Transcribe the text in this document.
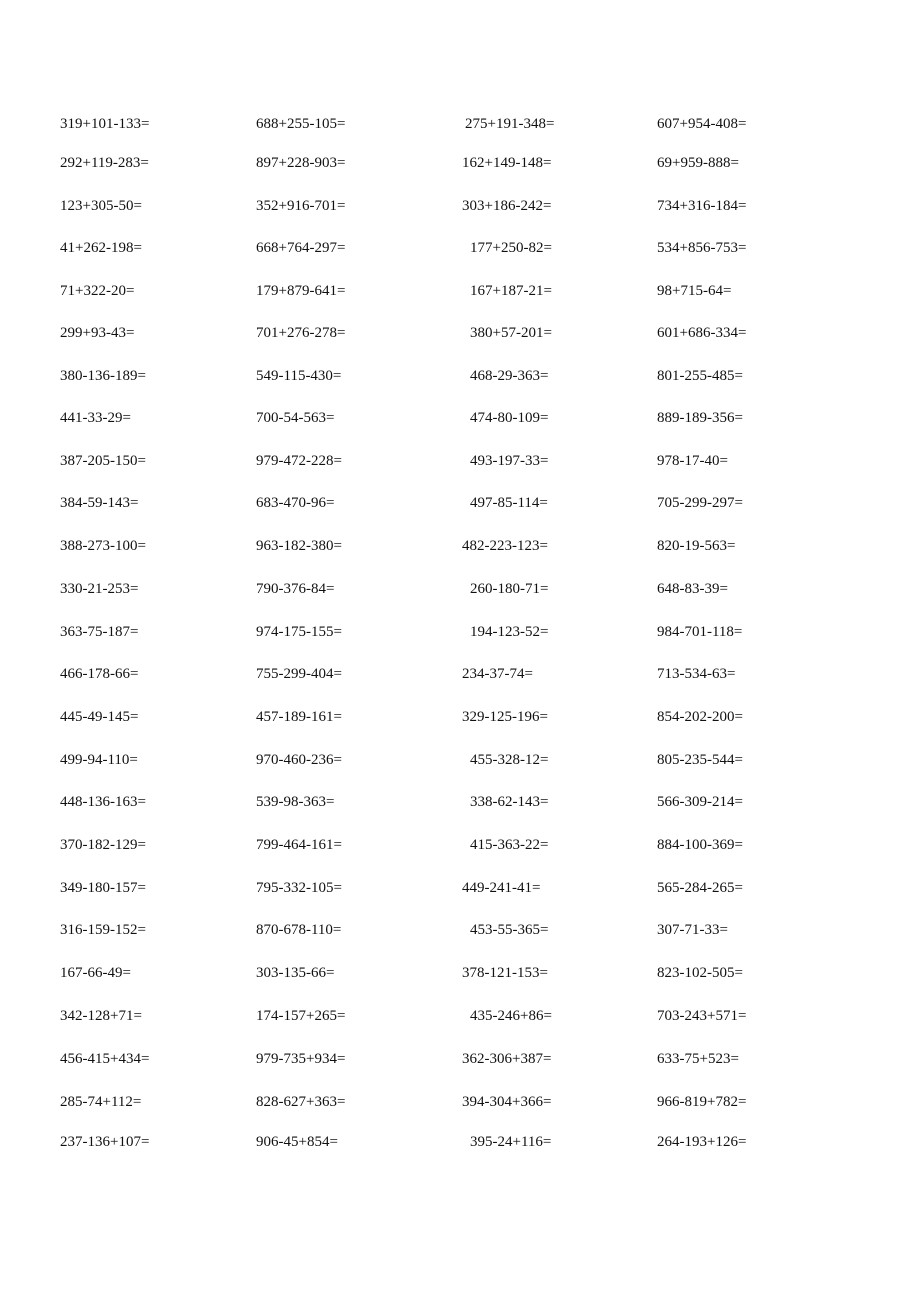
319+101-133=	688+255-105=	275+191-348=	607+954-408=
292+119-283=	897+228-903=	162+149-148=	69+959-888=
123+305-50=	352+916-701=	303+186-242=	734+316-184=
41+262-198=	668+764-297=	177+250-82=	534+856-753=
71+322-20=	179+879-641=	167+187-21=	98+715-64=
299+93-43=	701+276-278=	380+57-201=	601+686-334=
380-136-189=	549-115-430=	468-29-363=	801-255-485=
441-33-29=	700-54-563=	474-80-109=	889-189-356=
387-205-150=	979-472-228=	493-197-33=	978-17-40=
384-59-143=	683-470-96=	497-85-114=	705-299-297=
388-273-100=	963-182-380=	482-223-123=	820-19-563=
330-21-253=	790-376-84=	260-180-71=	648-83-39=
363-75-187=	974-175-155=	194-123-52=	984-701-118=
466-178-66=	755-299-404=	234-37-74=	713-534-63=
445-49-145=	457-189-161=	329-125-196=	854-202-200=
499-94-110=	970-460-236=	455-328-12=	805-235-544=
448-136-163=	539-98-363=	338-62-143=	566-309-214=
370-182-129=	799-464-161=	415-363-22=	884-100-369=
349-180-157=	795-332-105=	449-241-41=	565-284-265=
316-159-152=	870-678-110=	453-55-365=	307-71-33=
167-66-49=	303-135-66=	378-121-153=	823-102-505=
342-128+71=	174-157+265=	435-246+86=	703-243+571=
456-415+434=	979-735+934=	362-306+387=	633-75+523=
285-74+112=	828-627+363=	394-304+366=	966-819+782=
237-136+107=	906-45+854=	395-24+116=	264-193+126=
